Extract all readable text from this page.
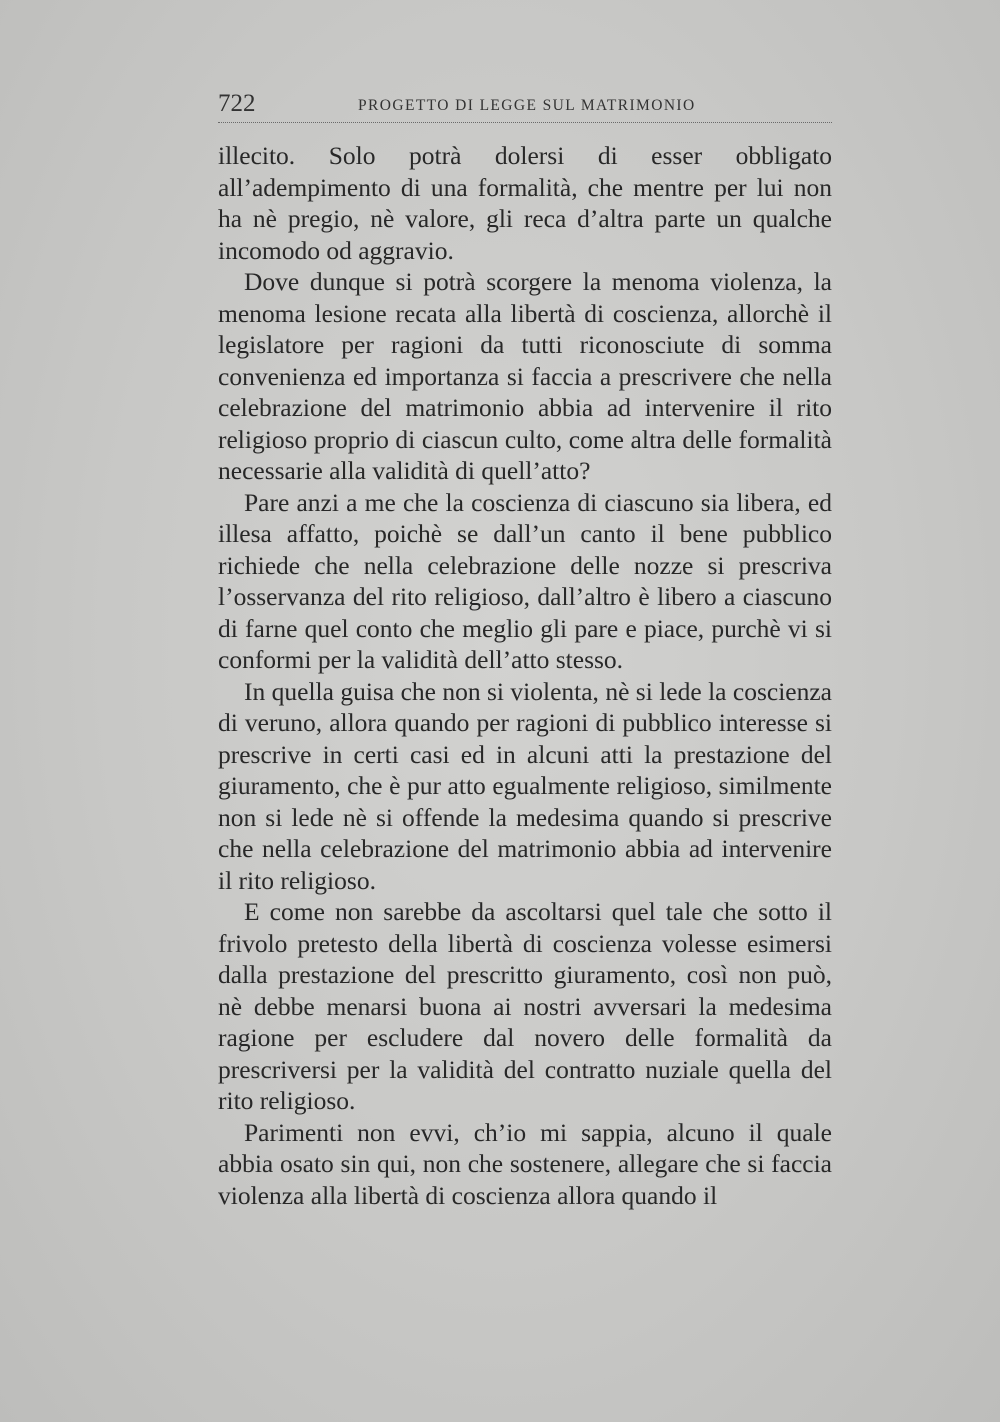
722	PROGETTO DI LEGGE SUL MATRIMONIO

illecito. Solo potrà dolersi di esser obbligato all’adempimento di una formalità, che mentre per lui non ha nè pregio, nè valore, gli reca d’altra parte un qualche incomodo od aggravio.

Dove dunque si potrà scorgere la menoma violenza, la menoma lesione recata alla libertà di coscienza, allorchè il legislatore per ragioni da tutti riconosciute di somma convenienza ed importanza si faccia a prescrivere che nella celebrazione del matrimonio abbia ad intervenire il rito religioso proprio di ciascun culto, come altra delle formalità necessarie alla validità di quell’atto?

Pare anzi a me che la coscienza di ciascuno sia libera, ed illesa affatto, poichè se dall’un canto il bene pubblico richiede che nella celebrazione delle nozze si prescriva l’osservanza del rito religioso, dall’altro è libero a ciascuno di farne quel conto che meglio gli pare e piace, purchè vi si conformi per la validità dell’atto stesso.

In quella guisa che non si violenta, nè si lede la coscienza di veruno, allora quando per ragioni di pubblico interesse si prescrive in certi casi ed in alcuni atti la prestazione del giuramento, che è pur atto egualmente religioso, similmente non si lede nè si offende la medesima quando si prescrive che nella celebrazione del matrimonio abbia ad intervenire il rito religioso.

E come non sarebbe da ascoltarsi quel tale che sotto il frivolo pretesto della libertà di coscienza volesse esimersi dalla prestazione del prescritto giuramento, così non può, nè debbe menarsi buona ai nostri avversari la medesima ragione per escludere dal novero delle formalità da prescriversi per la validità del contratto nuziale quella del rito religioso.

Parimenti non evvi, ch’io mi sappia, alcuno il quale abbia osato sin qui, non che sostenere, allegare che si faccia violenza alla libertà di coscienza allora quando il
